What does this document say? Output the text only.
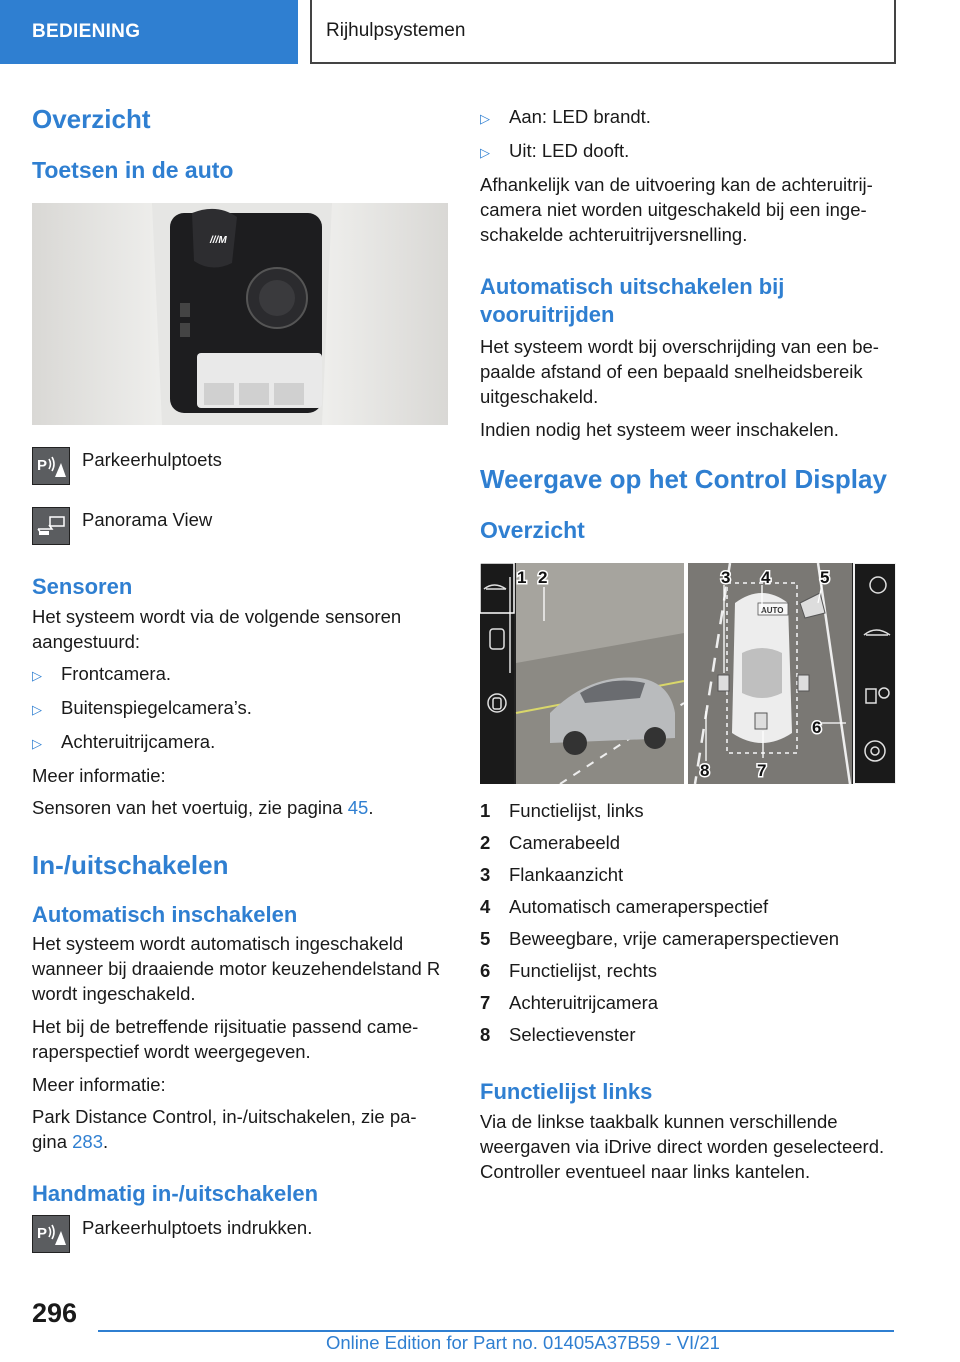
BEDIENING	Rijhulpsystemen
Overzicht
Toetsen in de auto
///M
P Parkeerhulptoets
Panorama View
Sensoren

Het systeem wordt via de volgende sensoren aangestuurd:

▷	Frontcamera.
▷	Buitenspiegelcamera’s.
▷	Achteruitrijcamera.

Meer informatie:

Sensoren van het voertuig, zie pagina 45.

In-/uitschakelen
Automatisch inschakelen

Het systeem wordt automatisch ingeschakeld wanneer bij draaiende motor keuzehendelstand R wordt ingeschakeld.

Het bij de betreffende rijsituatie passend came-raperspectief wordt weergegeven.

Meer informatie:

Park Distance Control, in-/uitschakelen, zie pa-gina 283.

Handmatig in-/uitschakelen
P Parkeerhulptoets indrukken.
▷	Aan: LED brandt.
▷	Uit: LED dooft.

Afhankelijk van de uitvoering kan de achteruitrij-camera niet worden uitgeschakeld bij een inge-schakelde achteruitrijversnelling.

Automatisch uitschakelen bij vooruitrijden

Het systeem wordt bij overschrijding van een be-paalde afstand of een bepaald snelheidsbereik uitgeschakeld.

Indien nodig het systeem weer inschakelen.

Weergave op het Control Display
Overzicht
AUTO
1 2	3 4	5
6
7
8
1	Functielijst, links
2	Camerabeeld
3	Flankaanzicht
4	Automatisch cameraperspectief
5	Beweegbare, vrije cameraperspectieven
6	Functielijst, rechts
7	Achteruitrijcamera
8	Selectievenster
Functielijst links

Via de linkse taakbalk kunnen verschillende weergaven via iDrive direct worden geselecteerd. Controller eventueel naar links kantelen.

296
Online Edition for Part no. 01405A37B59 - VI/21
